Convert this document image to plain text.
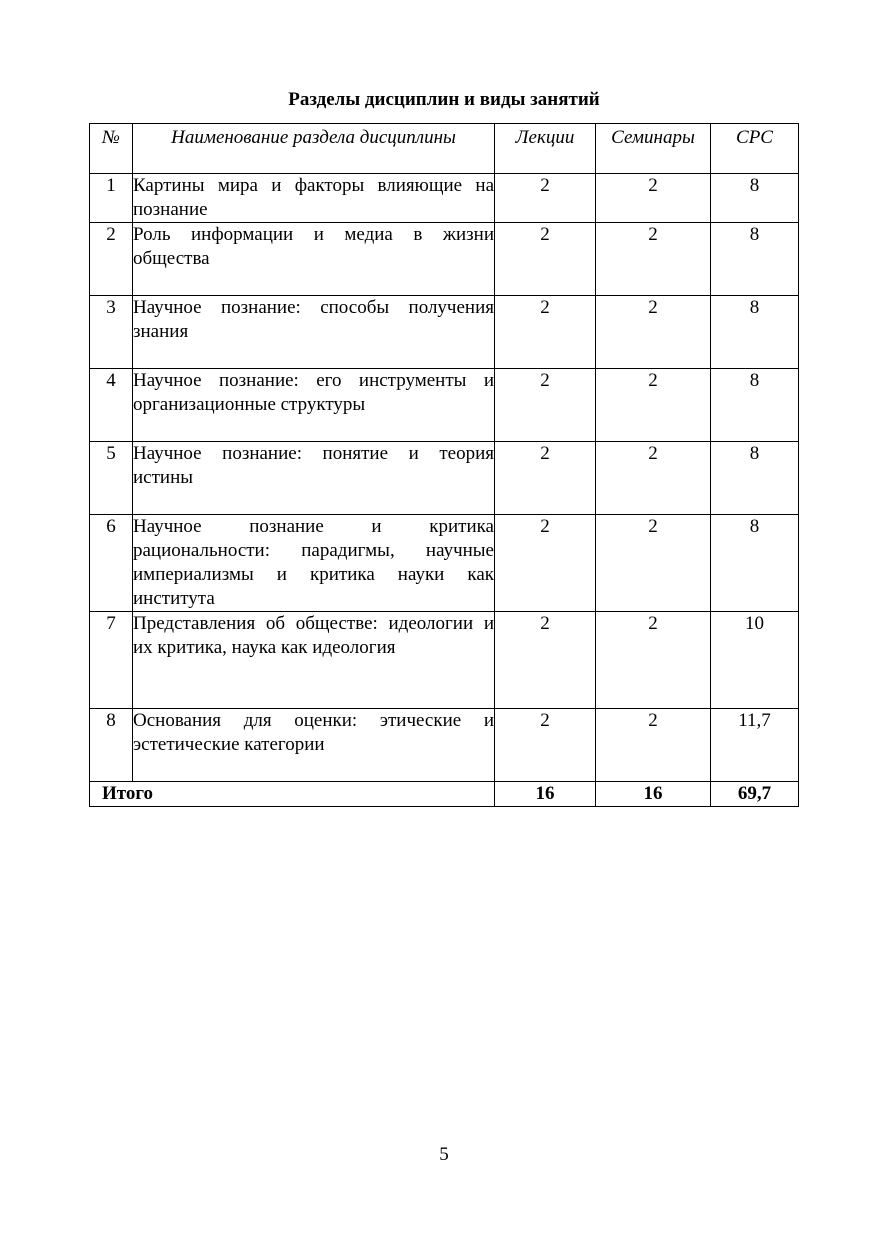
Разделы дисциплин и виды занятий
№	Наименование раздела дисциплины	Лекции	Семинары	СРС
1	Картины мира и факторы влияющие на познание	2	2	8
2	Роль информации и медиа в жизни общества	2	2	8
3	Научное познание: способы получения знания	2	2	8
4	Научное познание: его инструменты и организационные структуры	2	2	8
5	Научное познание: понятие и теория истины	2	2	8
6	Научное познание и критика рациональности: парадигмы, научные империализмы и критика науки как института	2	2	8
7	Представления об обществе: идеологии и их критика, наука как идеология	2	2	10
8	Основания для оценки: этические и эстетические категории	2	2	11,7
Итого		16	16	69,7
5
